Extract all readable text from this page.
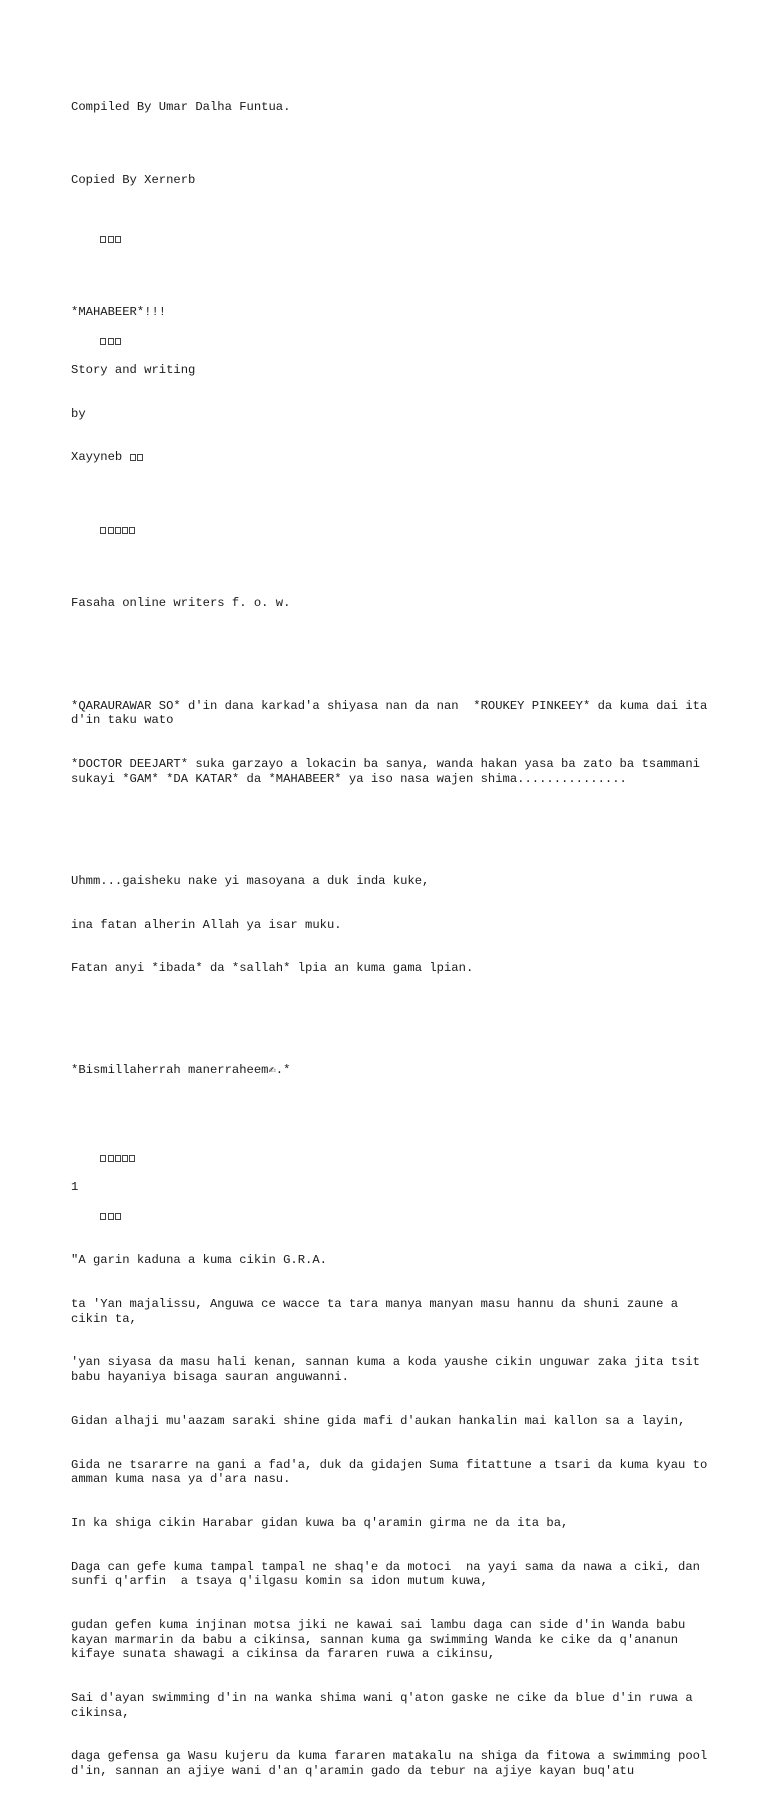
Compiled By Umar Dalha Funtua.

Copied By Xernerb

*MAHABEER*!!!

Story and writing

by

Xayyneb

Fasaha online writers f. o. w.

*QARAURAWAR SO* d'in dana karkad'a shiyasa nan da nan  *ROUKEY PINKEEY* da kuma dai ita d'in taku wato

*DOCTOR DEEJART* suka garzayo a lokacin ba sanya, wanda hakan yasa ba zato ba tsammani sukayi *GAM* *DA KATAR* da *MAHABEER* ya iso nasa wajen shima...............

Uhmm...gaisheku nake yi masoyana a duk inda kuke,

ina fatan alherin Allah ya isar muku.

Fatan anyi *ibada* da *sallah* lpia an kuma gama lpian.

*Bismillaherrah manerraheem✍.*

1

"A garin kaduna a kuma cikin G.R.A.

ta 'Yan majalissu, Anguwa ce wacce ta tara manya manyan masu hannu da shuni zaune a cikin ta,

'yan siyasa da masu hali kenan, sannan kuma a koda yaushe cikin unguwar zaka jita tsit babu hayaniya bisaga sauran anguwanni.

Gidan alhaji mu'aazam saraki shine gida mafi d'aukan hankalin mai kallon sa a layin,

Gida ne tsararre na gani a fad'a, duk da gidajen Suma fitattune a tsari da kuma kyau to amman kuma nasa ya d'ara nasu.

In ka shiga cikin Harabar gidan kuwa ba q'aramin girma ne da ita ba,

Daga can gefe kuma tampal tampal ne shaq'e da motoci  na yayi sama da nawa a ciki, dan sunfi q'arfin  a tsaya q'ilgasu komin sa idon mutum kuwa,

gudan gefen kuma injinan motsa jiki ne kawai sai lambu daga can side d'in Wanda babu  kayan marmarin da babu a cikinsa, sannan kuma ga swimming Wanda ke cike da q'ananun kifaye sunata shawagi a cikinsa da fararen ruwa a cikinsu,

Sai d'ayan swimming d'in na wanka shima wani q'aton gaske ne cike da blue d'in ruwa a cikinsa,

daga gefensa ga Wasu kujeru da kuma fararen matakalu na shiga da fitowa a swimming pool d'in, sannan an ajiye wani d'an q'aramin gado da tebur na ajiye kayan buq'atu
